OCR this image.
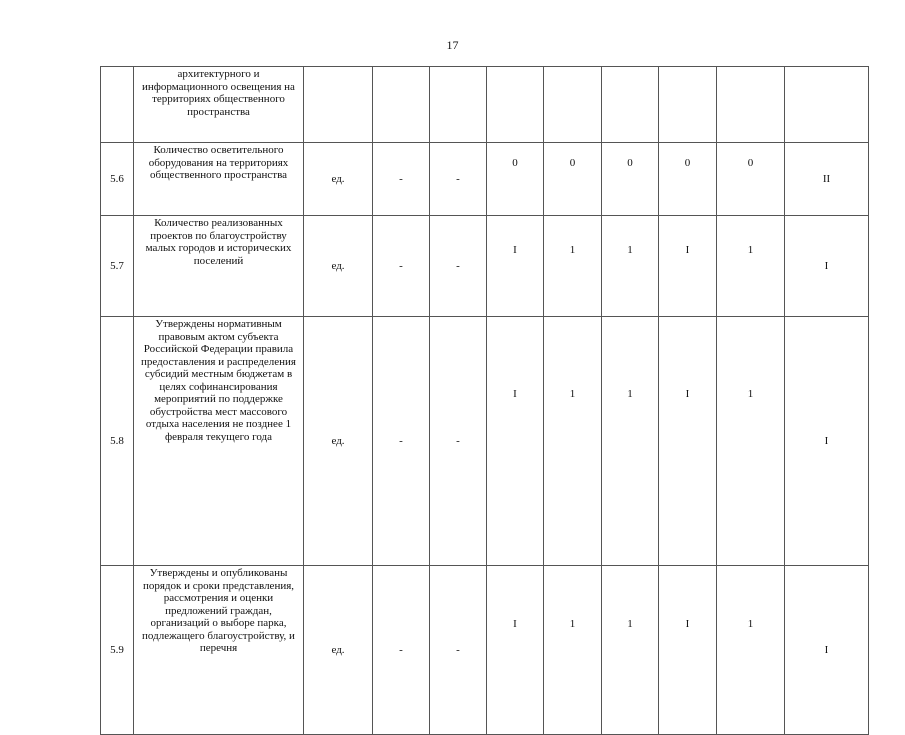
17
	архитектурного и информационного освещения на территориях общественного пространства									
5.6	Количество осветительного оборудования на территориях общественного пространства	ед.	-	-	0	0	0	0	0	II
5.7	Количество реализованных проектов по благоустройству малых городов и исторических поселений	ед.	-	-	I	1	1	I	1	I
5.8	Утверждены нормативным правовым актом субъекта Российской Федерации правила предоставления и распределения субсидий местным бюджетам в целях софинансирования мероприятий по поддержке обустройства мест массового отдыха населения не позднее 1 февраля текущего года	ед.	-	-	I	1	1	I	1	I
5.9	Утверждены и опубликованы порядок и сроки представления, рассмотрения и оценки предложений граждан, организаций о выборе парка, подлежащего благоустройству, и перечня	ед.	-	-	I	1	1	I	1	I
